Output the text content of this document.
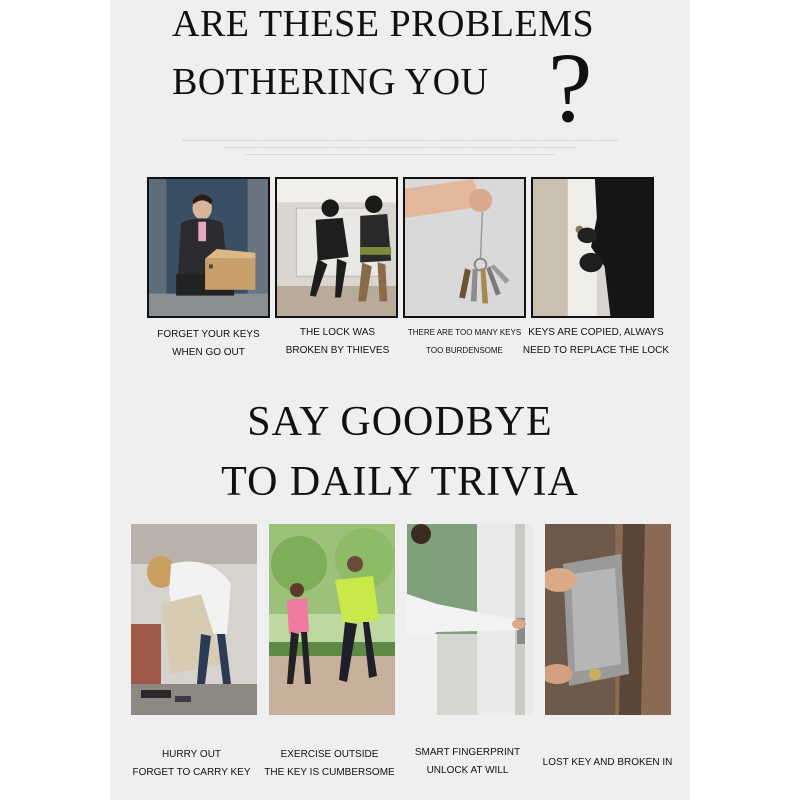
ARE THESE PROBLEMS
BOTHERING YOU ?
~~~~~~~~~~~~~~~~~~~~~~~~~~~~~~~~~~~~~~~~~~~~~~~~~~~~~~~~~~~~~~~~~~~~~~~~~~~~~~~~~~~~~~~~~~~~~~~~~~~~~~~~~~~~~~~~~~~~~~~~~~~~~~~~~~~~~~~~~~~~~~~~~~~~~~~~~~~~~~~~~~~~~~~~~~~~
~~~~~~~~~~~~~~~~~~~~~~~~~~~~~~~~~~~~~~~~~~~~~~~~~~~~~~~~~~~~~~~~~~~~~~~~~~~~~~~~~~~~~~~~~~~~~~~~~~~~~~~~~~~~~~~~~~~~~~~~~~~~~~~~~~~~~~~~~~
~~~~~~~~~~~~~~~~~~~~~~~~~~~~~~~~~~~~~~~~~~~~~~~~~~~~~~~~~~~~~~~~~~~~~~~~~~~~~~~~~~~~~~~~~~~~~~~~~~~~~~~~~~~~~~~~~~~~~~~~~~
FORGET YOUR KEYS
WHEN GO OUT
THE LOCK WAS
BROKEN BY THIEVES
THERE ARE TOO MANY KEYS
TOO BURDENSOME
KEYS ARE COPIED, ALWAYS
NEED TO REPLACE THE LOCK
SAY GOODBYE
TO DAILY TRIVIA
HURRY OUT
FORGET TO CARRY KEY
EXERCISE OUTSIDE
THE KEY IS CUMBERSOME
SMART FINGERPRINT
UNLOCK AT WILL
LOST KEY AND BROKEN IN
